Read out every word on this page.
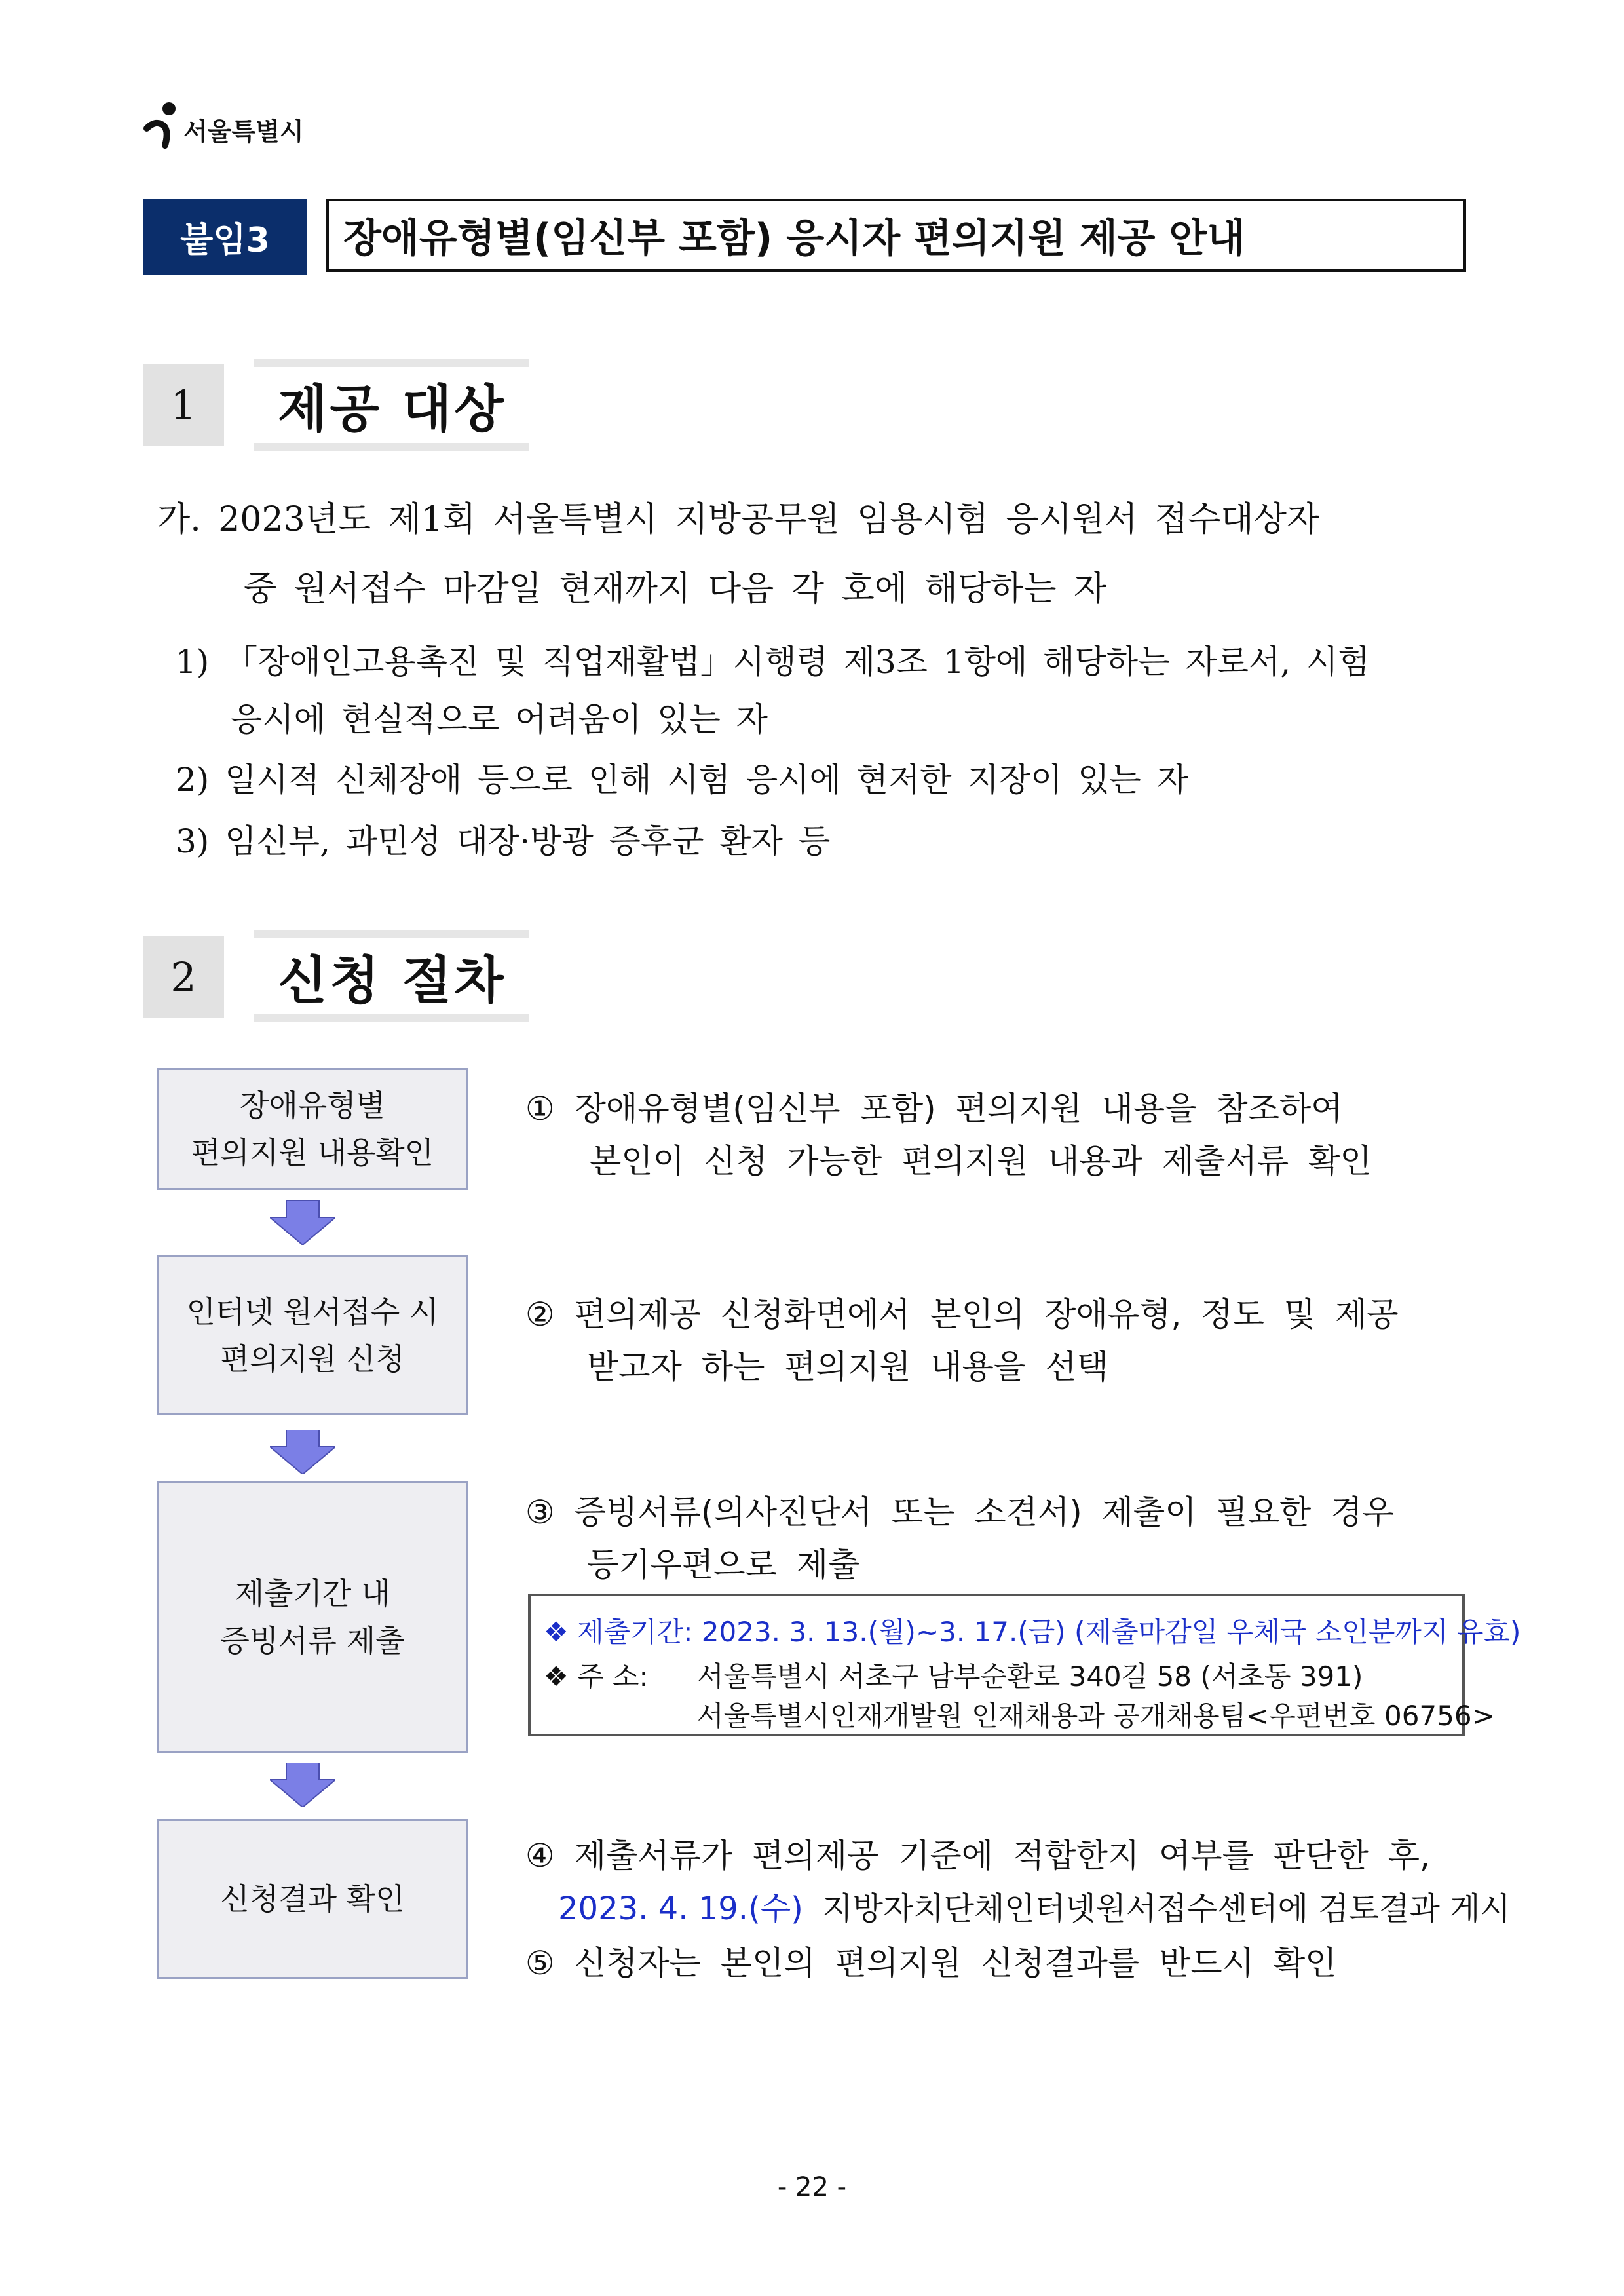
서울특별시
붙임3	장애유형별(임신부 포함) 응시자 편의지원 제공 안내
1	제공 대상
가. 2023년도 제1회 서울특별시 지방공무원 임용시험 응시원서 접수대상자
중 원서접수 마감일 현재까지 다음 각 호에 해당하는 자
1) 「장애인고용촉진 및 직업재활법」시행령 제3조 1항에 해당하는 자로서, 시험
응시에 현실적으로 어려움이 있는 자
2) 일시적 신체장애 등으로 인해 시험 응시에 현저한 지장이 있는 자
3) 임신부, 과민성 대장·방광 증후군 환자 등
2	신청 절차
장애유형별
편의지원 내용확인
인터넷 원서접수 시
편의지원 신청
제출기간 내
증빙서류 제출
신청결과 확인
① 장애유형별(임신부 포함) 편의지원 내용을 참조하여
본인이 신청 가능한 편의지원 내용과 제출서류 확인
② 편의제공 신청화면에서 본인의 장애유형, 정도 및 제공
받고자 하는 편의지원 내용을 선택
③ 증빙서류(의사진단서 또는 소견서) 제출이 필요한 경우
등기우편으로 제출
❖ 제출기간: 2023. 3. 13.(월)~3. 17.(금) (제출마감일 우체국 소인분까지 유효)
❖ 주 소: 서울특별시 서초구 남부순환로 340길 58 (서초동 391)
서울특별시인재개발원 인재채용과 공개채용팀<우편번호 06756>
④ 제출서류가 편의제공 기준에 적합한지 여부를 판단한 후,
2023. 4. 19.(수) 지방자치단체인터넷원서접수센터에 검토결과 게시
⑤ 신청자는 본인의 편의지원 신청결과를 반드시 확인
- 22 -
